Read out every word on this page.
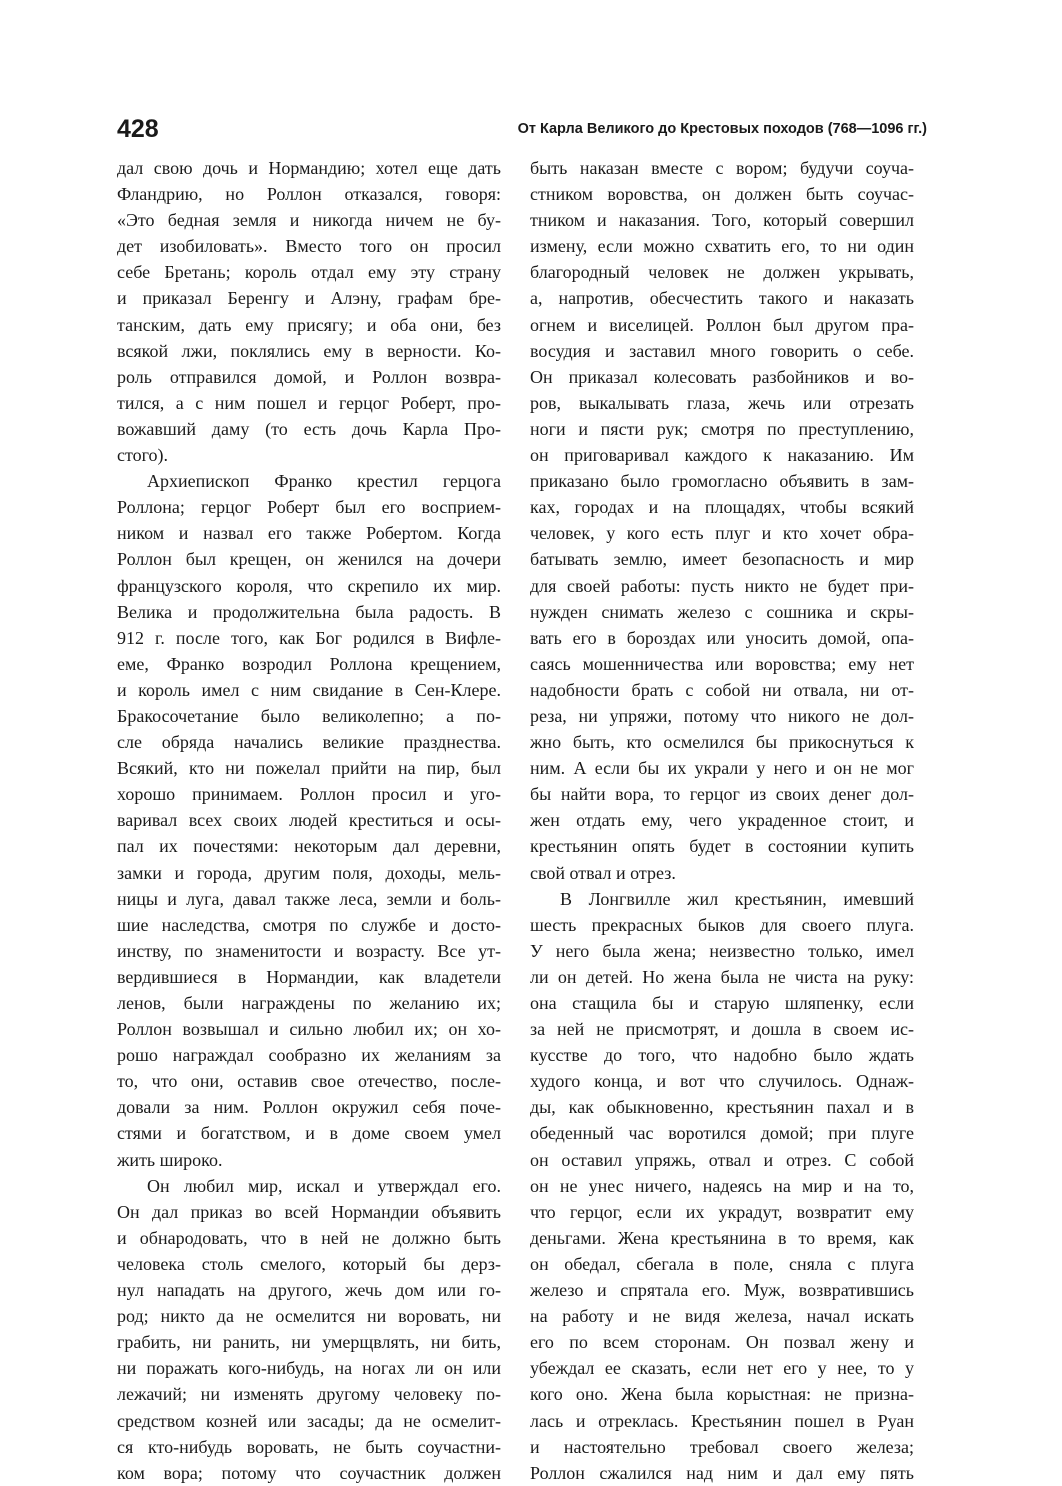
428	От Карла Великого до Крестовых походов (768—1096 гг.)
дал свою дочь и Нормандию; хотел еще дать
Фландрию, но Роллон отказался, говоря:
«Это бедная земля и никогда ничем не бу-
дет изобиловать». Вместо того он просил
себе Бретань; король отдал ему эту страну
и приказал Беренгу и Алэну, графам бре-
танским, дать ему присягу; и оба они, без
всякой лжи, поклялись ему в верности. Ко-
роль отправился домой, и Роллон возвра-
тился, а с ним пошел и герцог Роберт, про-
вожавший даму (то есть дочь Карла Про-
стого).
Архиепископ Франко крестил герцога
Роллона; герцог Роберт был его восприем-
ником и назвал его также Робертом. Когда
Роллон был крещен, он женился на дочери
французского короля, что скрепило их мир.
Велика и продолжительна была радость. В
912 г. после того, как Бог родился в Вифле-
еме, Франко возродил Роллона крещением,
и король имел с ним свидание в Сен-Клере.
Бракосочетание было великолепно; а по-
сле обряда начались великие празднества.
Всякий, кто ни пожелал прийти на пир, был
хорошо принимаем. Роллон просил и уго-
варивал всех своих людей креститься и осы-
пал их почестями: некоторым дал деревни,
замки и города, другим поля, доходы, мель-
ницы и луга, давал также леса, земли и боль-
шие наследства, смотря по службе и досто-
инству, по знаменитости и возрасту. Все ут-
вердившиеся в Нормандии, как владетели
ленов, были награждены по желанию их;
Роллон возвышал и сильно любил их; он хо-
рошо награждал сообразно их желаниям за
то, что они, оставив свое отечество, после-
довали за ним. Роллон окружил себя поче-
стями и богатством, и в доме своем умел
жить широко.
Он любил мир, искал и утверждал его.
Он дал приказ во всей Нормандии объявить
и обнародовать, что в ней не должно быть
человека столь смелого, который бы дерз-
нул нападать на другого, жечь дом или го-
род; никто да не осмелится ни воровать, ни
грабить, ни ранить, ни умерщвлять, ни бить,
ни поражать кого-нибудь, на ногах ли он или
лежачий; ни изменять другому человеку по-
средством козней или засады; да не осмелит-
ся кто-нибудь воровать, не быть соучастни-
ком вора; потому что соучастник должен
быть наказан вместе с вором; будучи соуча-
стником воровства, он должен быть соучас-
тником и наказания. Того, который совершил
измену, если можно схватить его, то ни один
благородный человек не должен укрывать,
а, напротив, обесчестить такого и наказать
огнем и виселицей. Роллон был другом пра-
восудия и заставил много говорить о себе.
Он приказал колесовать разбойников и во-
ров, выкалывать глаза, жечь или отрезать
ноги и пясти рук; смотря по преступлению,
он приговаривал каждого к наказанию. Им
приказано было громогласно объявить в зам-
ках, городах и на площадях, чтобы всякий
человек, у кого есть плуг и кто хочет обра-
батывать землю, имеет безопасность и мир
для своей работы: пусть никто не будет при-
нужден снимать железо с сошника и скры-
вать его в бороздах или уносить домой, опа-
саясь мошенничества или воровства; ему нет
надобности брать с собой ни отвала, ни от-
реза, ни упряжи, потому что никого не дол-
жно быть, кто осмелился бы прикоснуться к
ним. А если бы их украли у него и он не мог
бы найти вора, то герцог из своих денег дол-
жен отдать ему, чего украденное стоит, и
крестьянин опять будет в состоянии купить
свой отвал и отрез.
В Лонгвилле жил крестьянин, имевший
шесть прекрасных быков для своего плуга.
У него была жена; неизвестно только, имел
ли он детей. Но жена была не чиста на руку:
она стащила бы и старую шляпенку, если
за ней не присмотрят, и дошла в своем ис-
кусстве до того, что надобно было ждать
худого конца, и вот что случилось. Однаж-
ды, как обыкновенно, крестьянин пахал и в
обеденный час воротился домой; при плуге
он оставил упряжь, отвал и отрез. С собой
он не унес ничего, надеясь на мир и на то,
что герцог, если их украдут, возвратит ему
деньгами. Жена крестьянина в то время, как
он обедал, сбегала в поле, сняла с плуга
железо и спрятала его. Муж, возвратившись
на работу и не видя железа, начал искать
его по всем сторонам. Он позвал жену и
убеждал ее сказать, если нет его у нее, то у
кого оно. Жена была корыстная: не призна-
лась и отреклась. Крестьянин пошел в Руан
и настоятельно требовал своего железа;
Роллон сжалился над ним и дал ему пять
